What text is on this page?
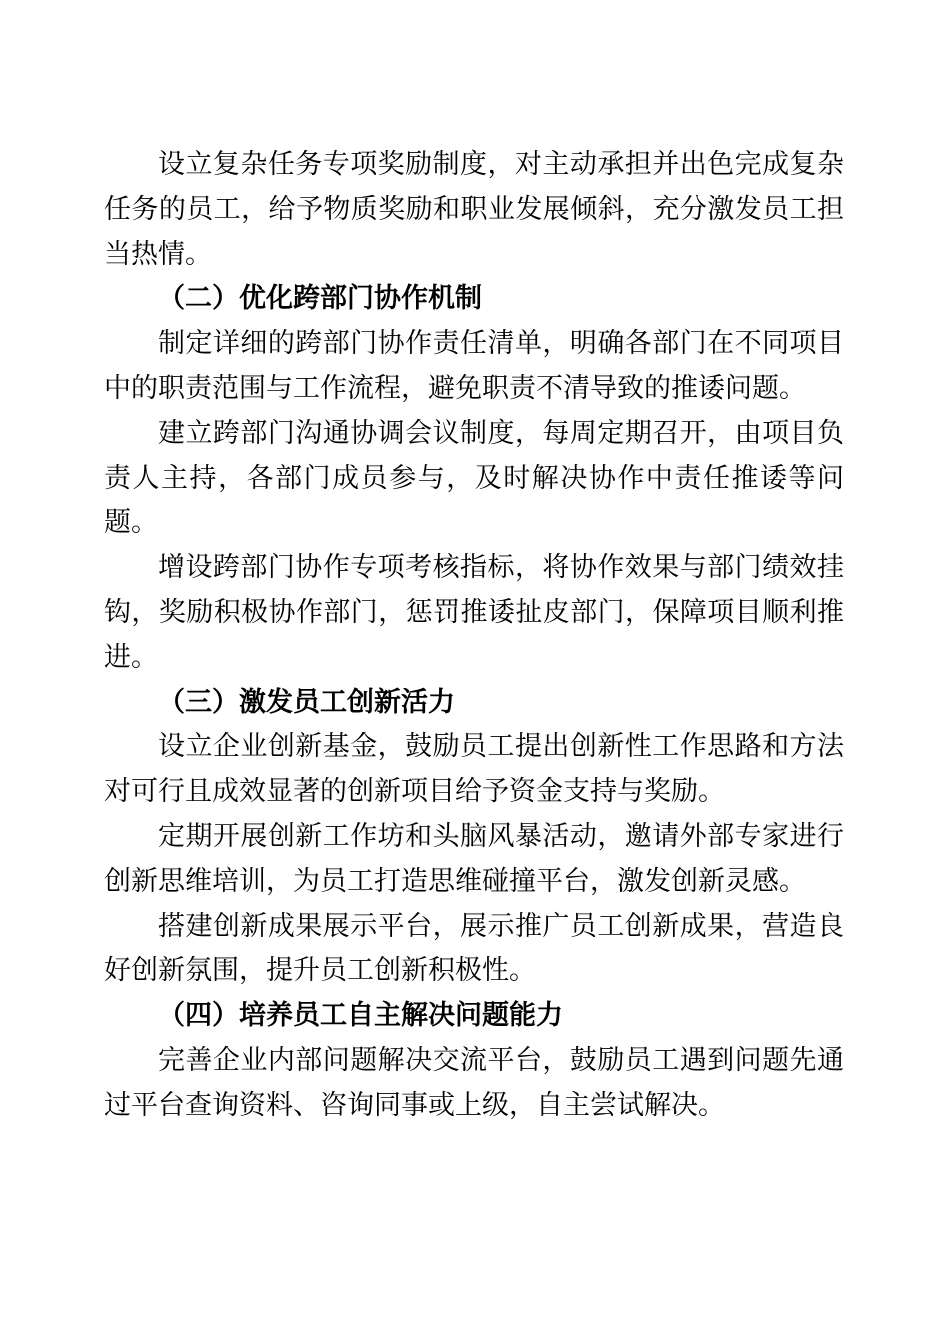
设立复杂任务专项奖励制度，对主动承担并出色完成复杂任务的员工，给予物质奖励和职业发展倾斜，充分激发员工担当热情。

（二）优化跨部门协作机制

制定详细的跨部门协作责任清单，明确各部门在不同项目中的职责范围与工作流程，避免职责不清导致的推诿问题。

建立跨部门沟通协调会议制度，每周定期召开，由项目负责人主持，各部门成员参与，及时解决协作中责任推诿等问题。

增设跨部门协作专项考核指标，将协作效果与部门绩效挂钩，奖励积极协作部门，惩罚推诿扯皮部门，保障项目顺利推进。

（三）激发员工创新活力

设立企业创新基金，鼓励员工提出创新性工作思路和方法对可行且成效显著的创新项目给予资金支持与奖励。

定期开展创新工作坊和头脑风暴活动，邀请外部专家进行创新思维培训，为员工打造思维碰撞平台，激发创新灵感。

搭建创新成果展示平台，展示推广员工创新成果，营造良好创新氛围，提升员工创新积极性。

（四）培养员工自主解决问题能力

完善企业内部问题解决交流平台，鼓励员工遇到问题先通过平台查询资料、咨询同事或上级，自主尝试解决。
